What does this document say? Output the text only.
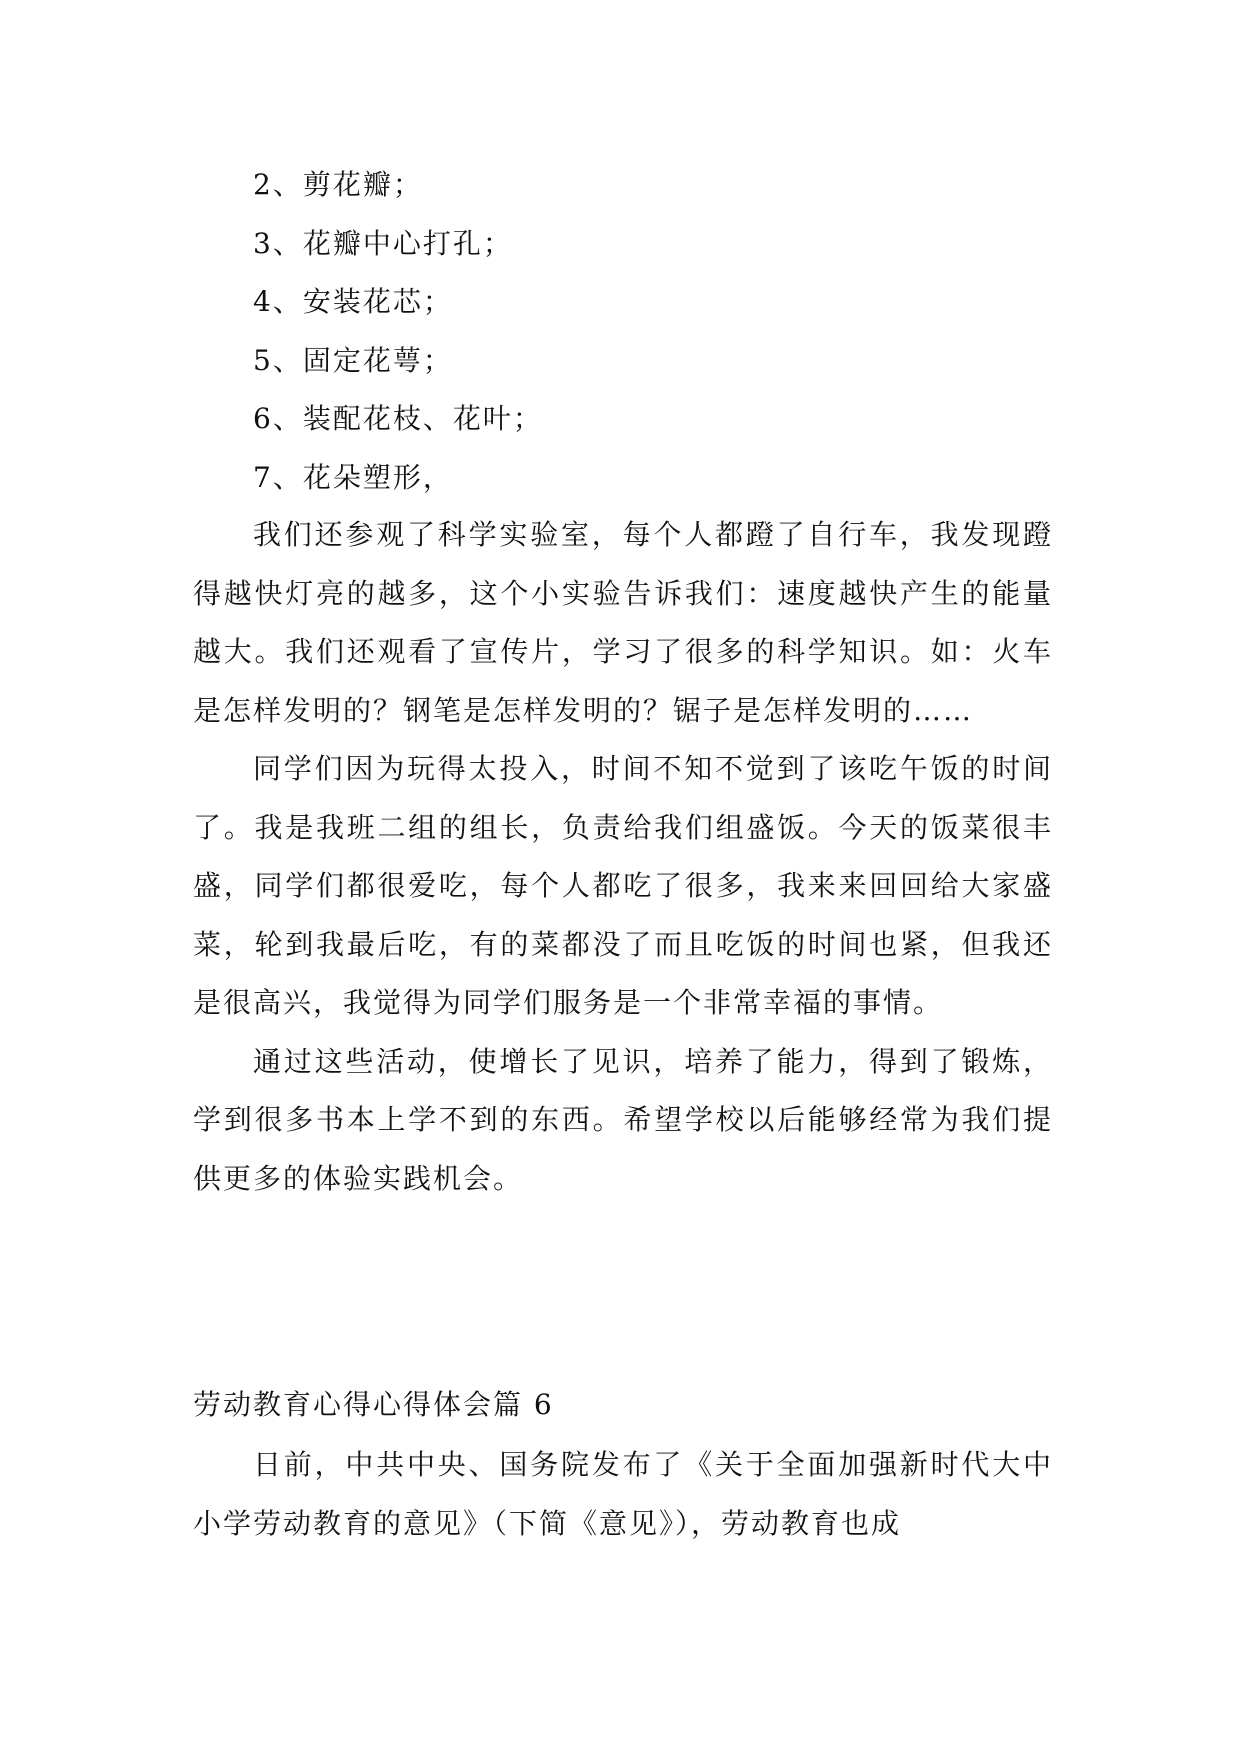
2、剪花瓣；
3、花瓣中心打孔；
4、安装花芯；
5、固定花萼；
6、装配花枝、花叶；
7、花朵塑形，

我们还参观了科学实验室，每个人都蹬了自行车，我发现蹬得越快灯亮的越多，这个小实验告诉我们：速度越快产生的能量越大。我们还观看了宣传片，学习了很多的科学知识。如：火车是怎样发明的？钢笔是怎样发明的？锯子是怎样发明的……

同学们因为玩得太投入，时间不知不觉到了该吃午饭的时间了。我是我班二组的组长，负责给我们组盛饭。今天的饭菜很丰盛，同学们都很爱吃，每个人都吃了很多，我来来回回给大家盛菜，轮到我最后吃，有的菜都没了而且吃饭的时间也紧，但我还是很高兴，我觉得为同学们服务是一个非常幸福的事情。

通过这些活动，使增长了见识，培养了能力，得到了锻炼，学到很多书本上学不到的东西。希望学校以后能够经常为我们提供更多的体验实践机会。

劳动教育心得心得体会篇 6

日前，中共中央、国务院发布了《关于全面加强新时代大中小学劳动教育的意见》（下简《意见》），劳动教育也成
